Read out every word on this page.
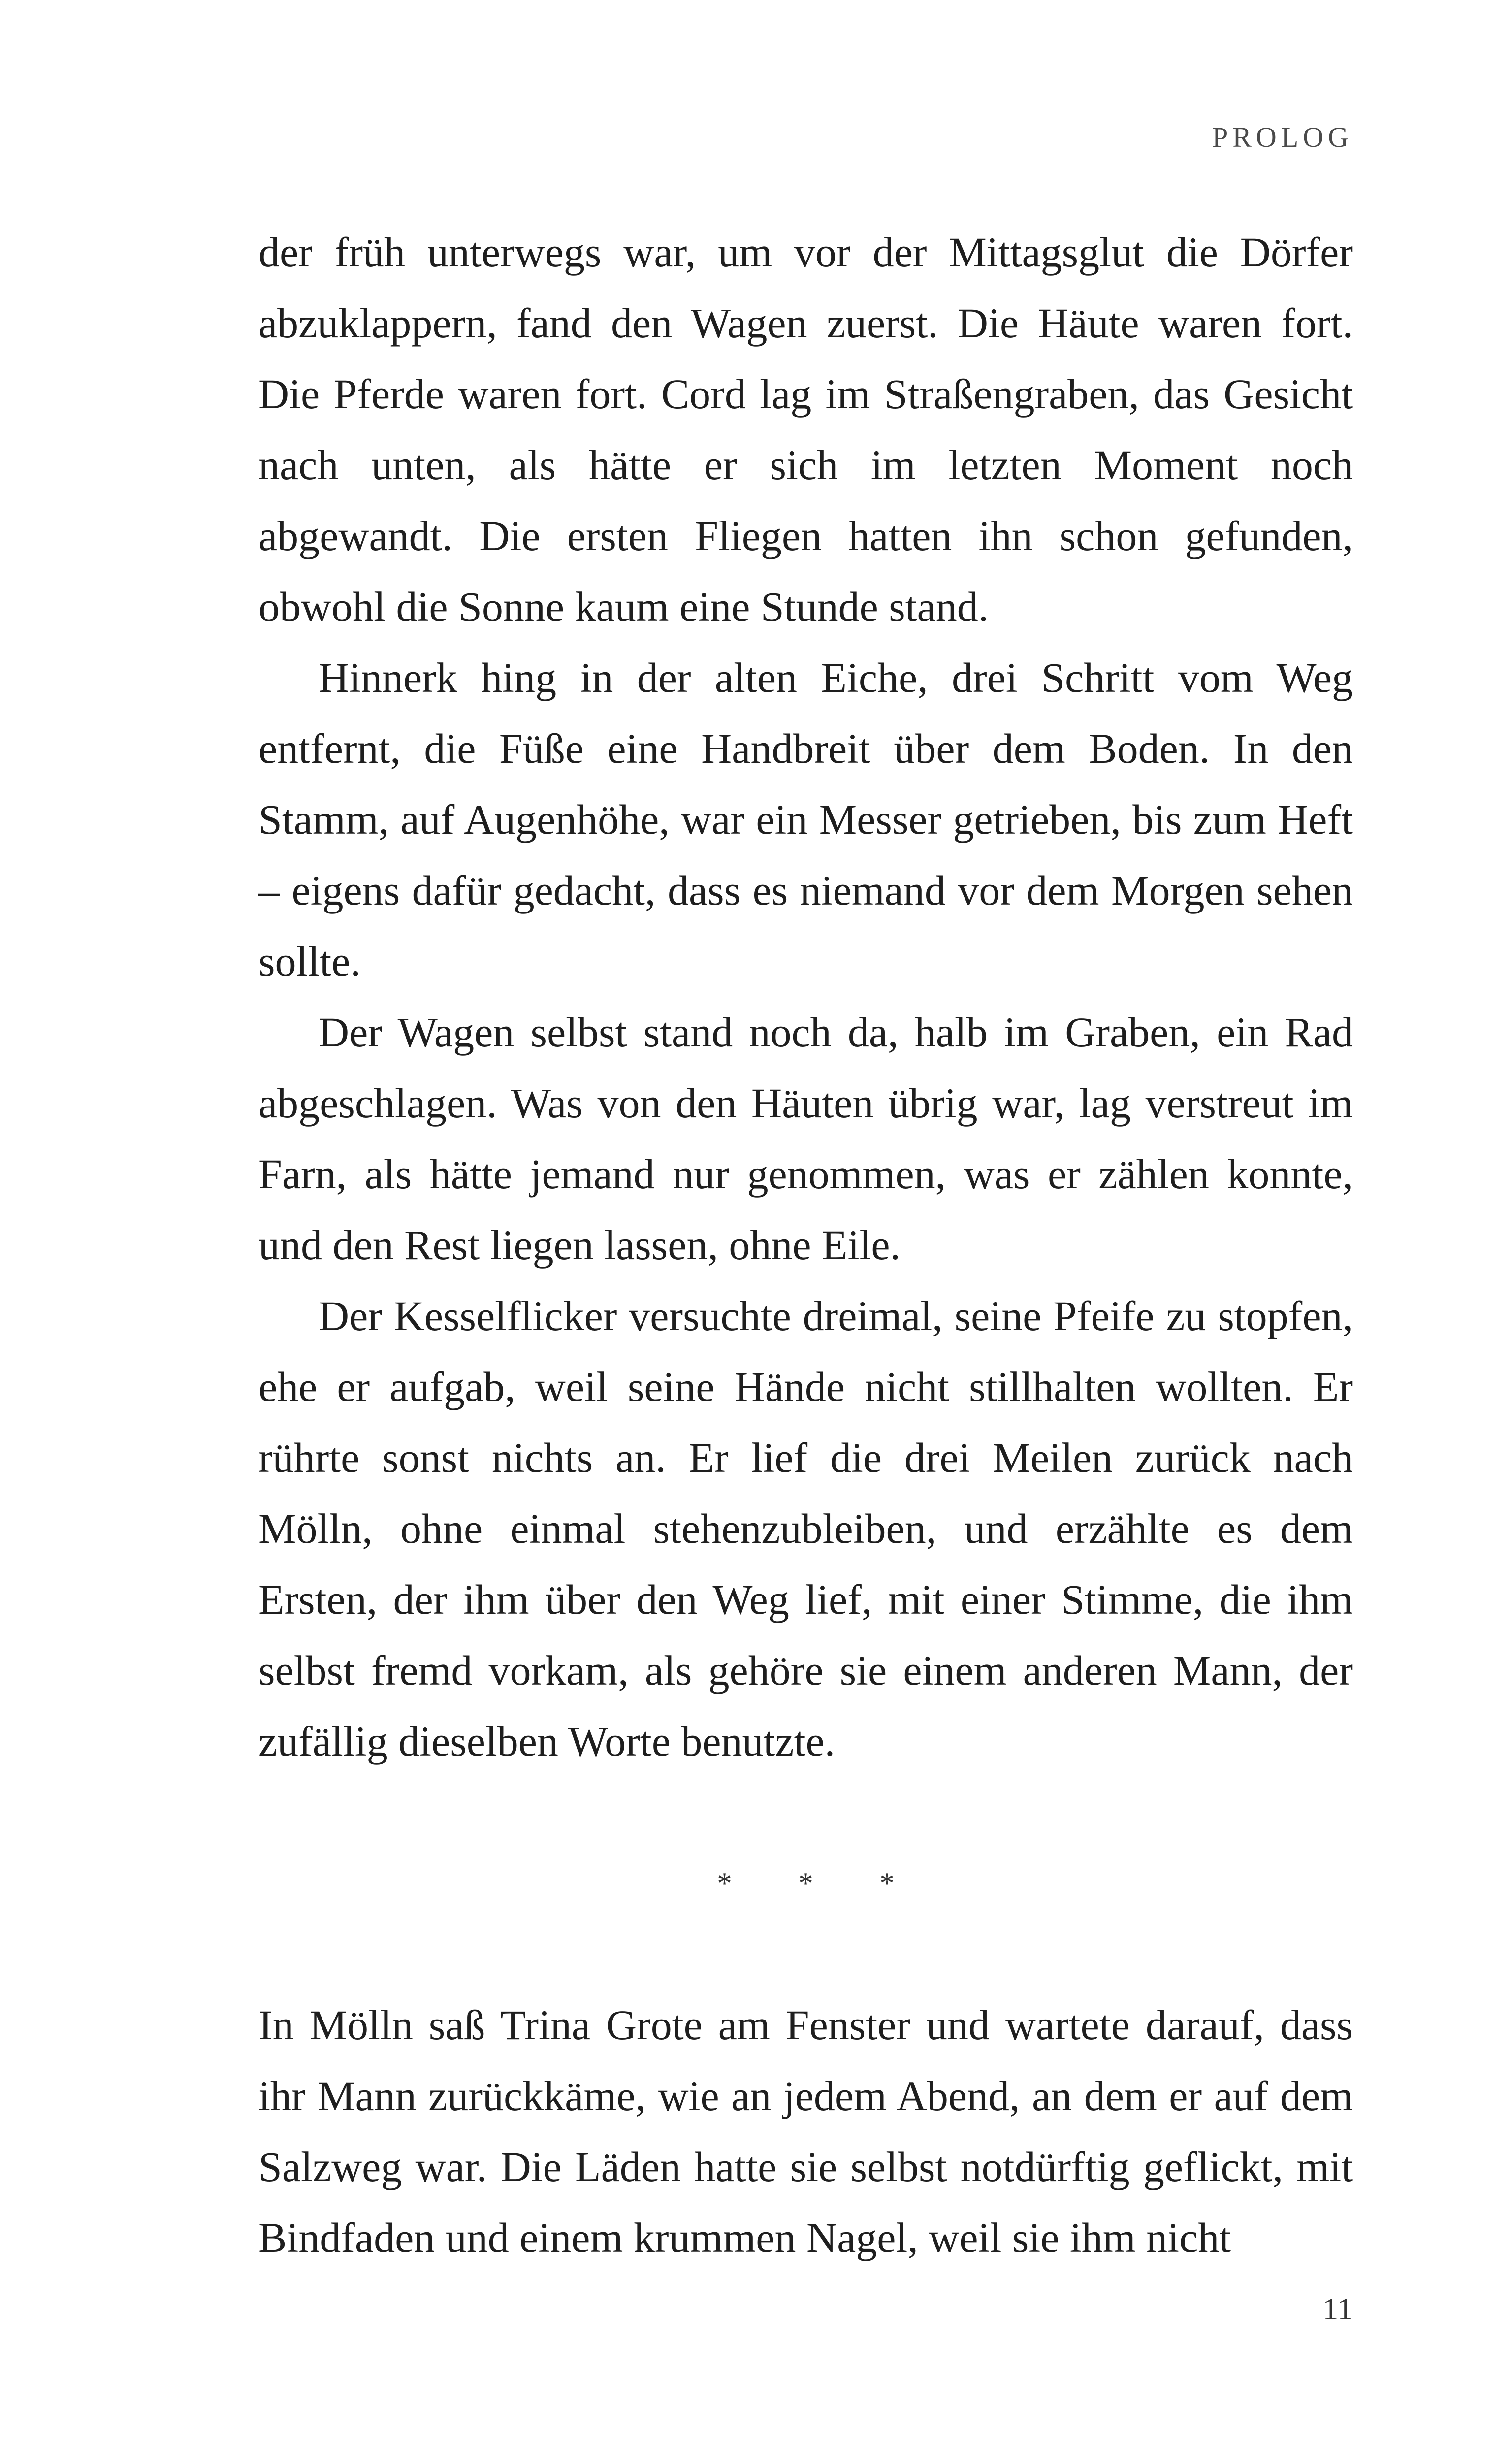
PROLOG

der früh unterwegs war, um vor der Mittagsglut die Dörfer abzuklappern, fand den Wagen zuerst. Die Häute waren fort. Die Pferde waren fort. Cord lag im Straßengraben, das Gesicht nach unten, als hätte er sich im letzten Moment noch abgewandt. Die ersten Fliegen hatten ihn schon gefunden, obwohl die Sonne kaum eine Stunde stand.

Hinnerk hing in der alten Eiche, drei Schritt vom Weg entfernt, die Füße eine Handbreit über dem Boden. In den Stamm, auf Augenhöhe, war ein Messer getrieben, bis zum Heft – eigens dafür gedacht, dass es niemand vor dem Morgen sehen sollte.

Der Wagen selbst stand noch da, halb im Graben, ein Rad abgeschlagen. Was von den Häuten übrig war, lag verstreut im Farn, als hätte jemand nur genommen, was er zählen konnte, und den Rest liegen lassen, ohne Eile.

Der Kesselflicker versuchte dreimal, seine Pfeife zu stopfen, ehe er aufgab, weil seine Hände nicht stillhalten wollten. Er rührte sonst nichts an. Er lief die drei Meilen zurück nach Mölln, ohne einmal stehenzubleiben, und erzählte es dem Ersten, der ihm über den Weg lief, mit einer Stimme, die ihm selbst fremd vorkam, als gehöre sie einem anderen Mann, der zufällig dieselben Worte benutzte.

* * *

In Mölln saß Trina Grote am Fenster und wartete darauf, dass ihr Mann zurückkäme, wie an jedem Abend, an dem er auf dem Salzweg war. Die Läden hatte sie selbst notdürftig geflickt, mit Bindfaden und einem krummen Nagel, weil sie ihm nicht

11
